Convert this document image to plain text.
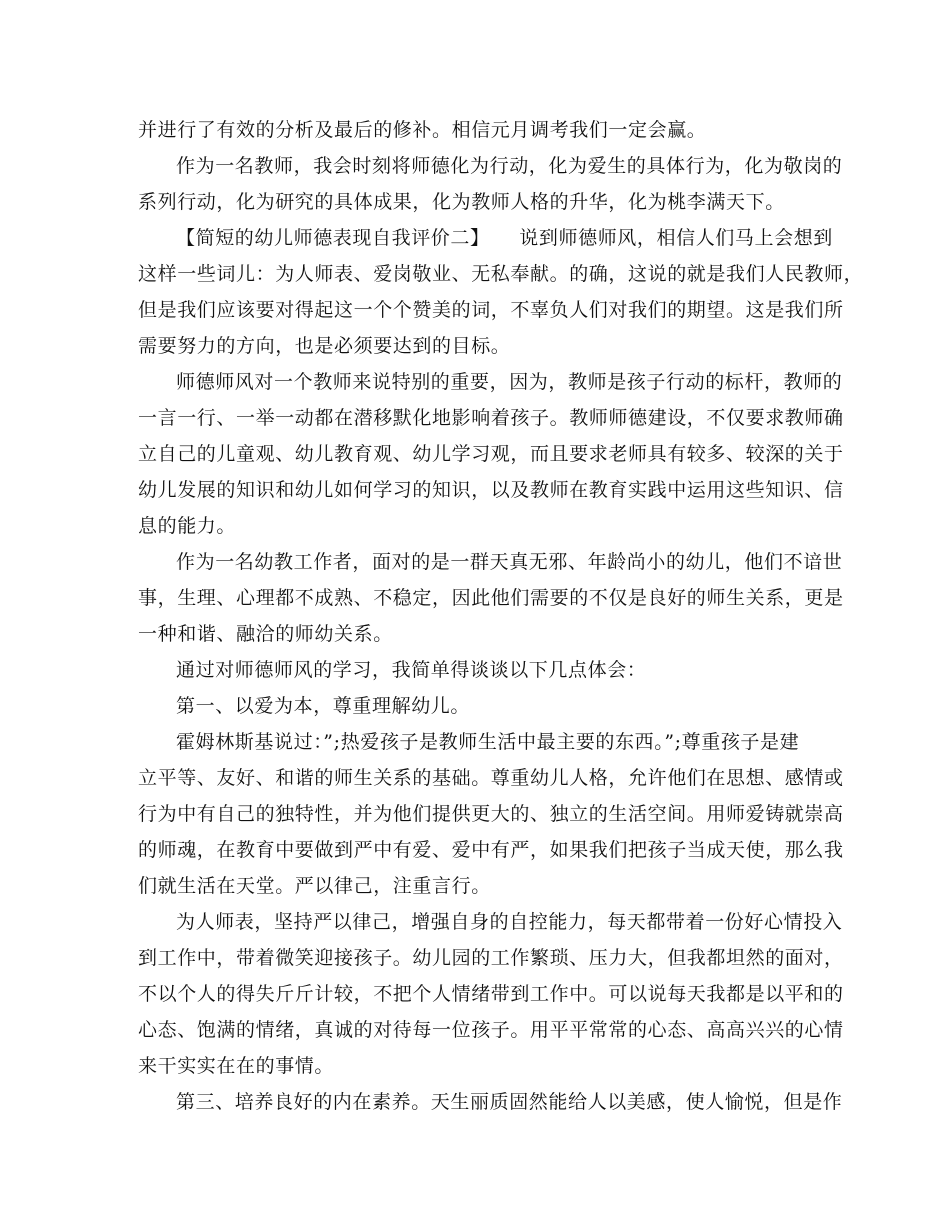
并进行了有效的分析及最后的修补。相信元月调考我们一定会赢。
作为一名教师，我会时刻将师德化为行动，化为爱生的具体行为，化为敬岗的
系列行动，化为研究的具体成果，化为教师人格的升华，化为桃李满天下。
【简短的幼儿师德表现自我评价二】　　说到师德师风，相信人们马上会想到
这样一些词儿：为人师表、爱岗敬业、无私奉献。的确，这说的就是我们人民教师，
但是我们应该要对得起这一个个赞美的词，不辜负人们对我们的期望。这是我们所
需要努力的方向，也是必须要达到的目标。
师德师风对一个教师来说特别的重要，因为，教师是孩子行动的标杆，教师的
一言一行、一举一动都在潜移默化地影响着孩子。教师师德建设，不仅要求教师确
立自己的儿童观、幼儿教育观、幼儿学习观，而且要求老师具有较多、较深的关于
幼儿发展的知识和幼儿如何学习的知识，以及教师在教育实践中运用这些知识、信
息的能力。
作为一名幼教工作者，面对的是一群天真无邪、年龄尚小的幼儿，他们不谙世
事，生理、心理都不成熟、不稳定，因此他们需要的不仅是良好的师生关系，更是
一种和谐、融洽的师幼关系。
通过对师德师风的学习，我简单得谈谈以下几点体会：
第一、以爱为本，尊重理解幼儿。
霍姆林斯基说过：”;热爱孩子是教师生活中最主要的东西。”;尊重孩子是建
立平等、友好、和谐的师生关系的基础。尊重幼儿人格，允许他们在思想、感情或
行为中有自己的独特性，并为他们提供更大的、独立的生活空间。用师爱铸就崇高
的师魂，在教育中要做到严中有爱、爱中有严，如果我们把孩子当成天使，那么我
们就生活在天堂。严以律己，注重言行。
为人师表，坚持严以律己，增强自身的自控能力，每天都带着一份好心情投入
到工作中，带着微笑迎接孩子。幼儿园的工作繁琐、压力大，但我都坦然的面对，
不以个人的得失斤斤计较，不把个人情绪带到工作中。可以说每天我都是以平和的
心态、饱满的情绪，真诚的对待每一位孩子。用平平常常的心态、高高兴兴的心情
来干实实在在的事情。
第三、培养良好的内在素养。天生丽质固然能给人以美感，使人愉悦，但是作
